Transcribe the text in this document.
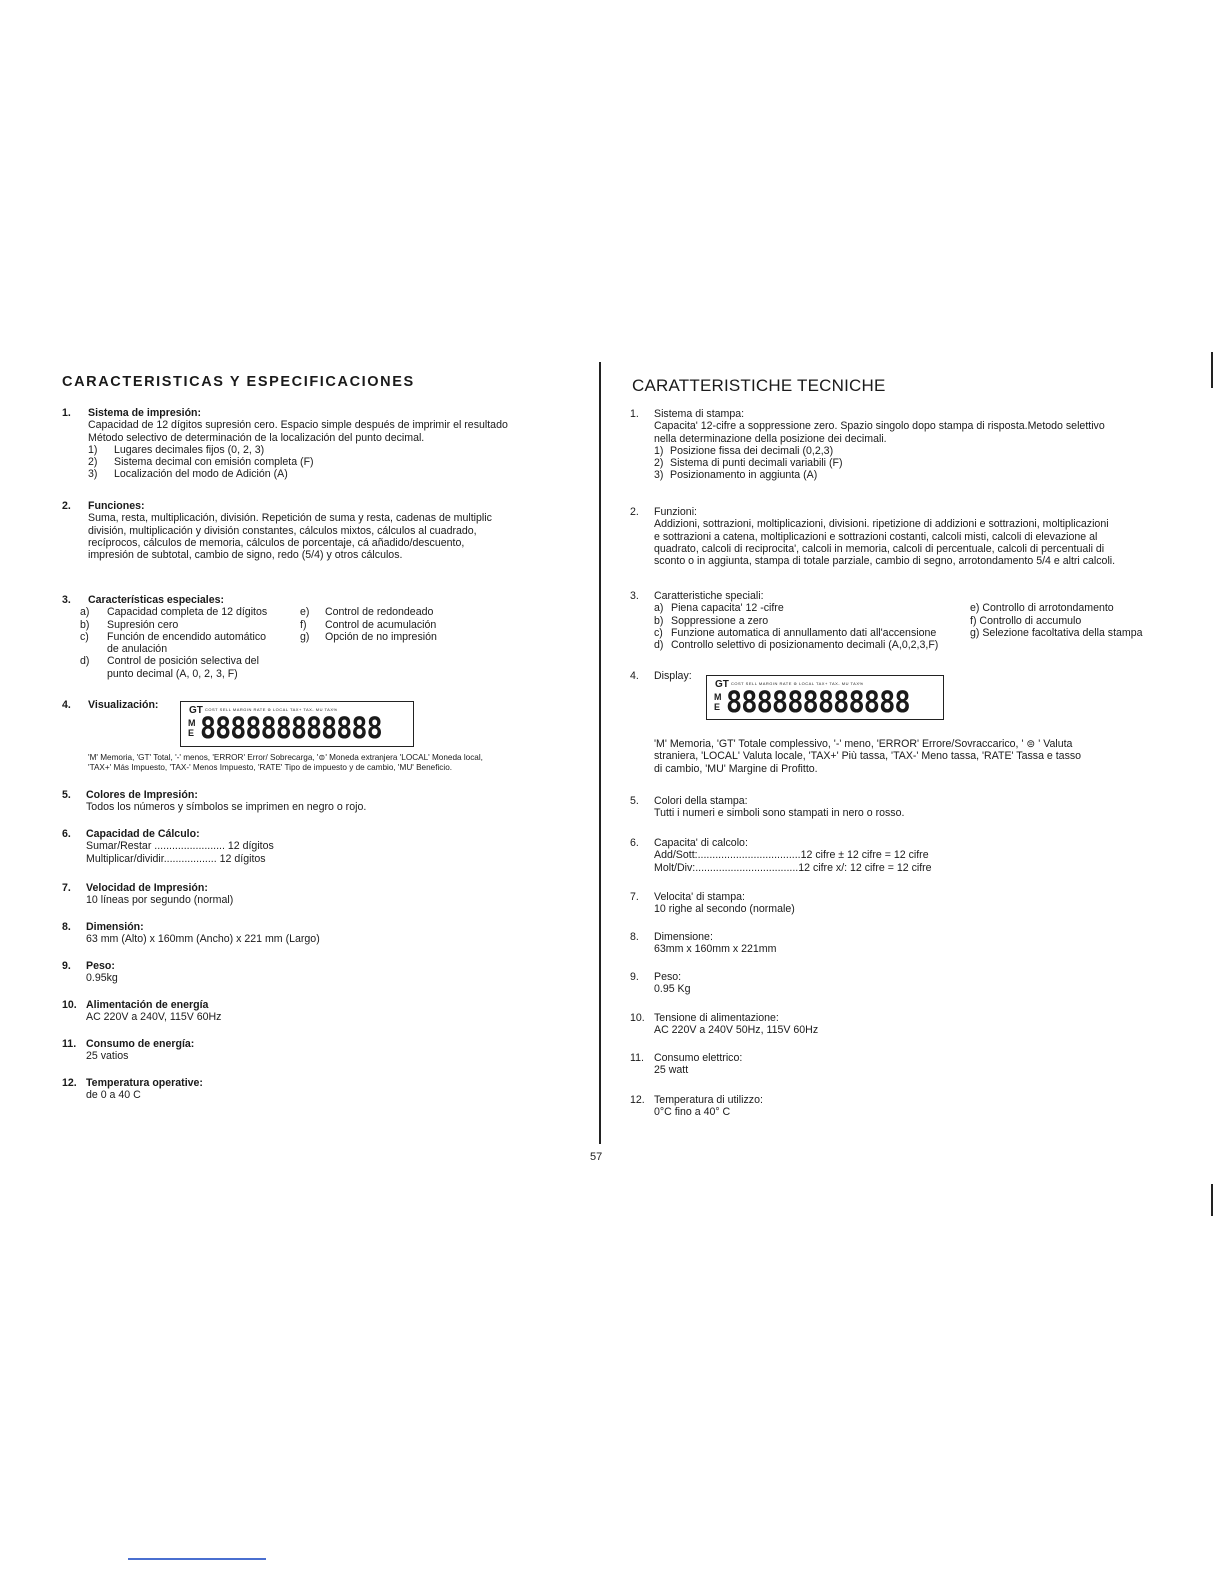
CARACTERISTICAS Y ESPECIFICACIONES
1. Sistema de impresión:
Capacidad de 12 dígitos supresión cero. Espacio simple después de imprimir el resultado
Método selectivo de determinación de la localización del punto decimal.
1) Lugares decimales fijos (0, 2, 3)
2) Sistema decimal con emisión completa (F)
3) Localización del modo de Adición (A)
2. Funciones:
Suma, resta, multiplicación, división. Repetición de suma y resta, cadenas de multiplic
división, multiplicación y división constantes, cálculos mixtos, cálculos al cuadrado,
recíprocos, cálculos de memoria, cálculos de porcentaje, cá añadido/descuento,
impresión de subtotal, cambio de signo, redo (5/4) y otros cálculos.
3. Características especiales:
a) Capacidad completa de 12 dígitos
b) Supresión cero
c) Función de encendido automático
de anulación
d) Control de posición selectiva del
punto decimal (A, 0, 2, 3, F)
e) Control de redondeado
f) Control de acumulación
g) Opción de no impresión
4. Visualización:	GT COST SELL MARGIN RATE ⊜ LOCAL TAX+ TAX- MU TAX%
M
E 888888888888
'M' Memoria, 'GT' Total, '-' menos, 'ERROR' Error/ Sobrecarga, '⊜' Moneda extranjera 'LOCAL' Moneda local,
'TAX+' Más Impuesto, 'TAX-' Menos Impuesto, 'RATE' Tipo de impuesto y de cambio, 'MU' Beneficio.
5. Colores de Impresión:
Todos los números y símbolos se imprimen en negro o rojo.
6. Capacidad de Cálculo:
Sumar/Restar ........................ 12 dígitos
Multiplicar/dividir.................. 12 dígitos
7. Velocidad de Impresión:
10 líneas por segundo (normal)
8. Dimensión:
63 mm (Alto) x 160mm (Ancho) x 221 mm (Largo)
9. Peso:
0.95kg
10. Alimentación de energía
AC 220V a 240V, 115V 60Hz
11. Consumo de energía:
25 vatios
12. Temperatura operative:
de 0 a 40 C
57
CARATTERISTICHE TECNICHE
1. Sistema di stampa:
Capacita' 12-cifre a soppressione zero. Spazio singolo dopo stampa di risposta.Metodo selettivo
nella determinazione della posizione dei decimali.
1) Posizione fissa dei decimali (0,2,3)
2) Sistema di punti decimali variabili (F)
3) Posizionamento in aggiunta (A)
2. Funzioni:
Addizioni, sottrazioni, moltiplicazioni, divisioni. ripetizione di addizioni e sottrazioni, moltiplicazioni
e sottrazioni a catena, moltiplicazioni e sottrazioni costanti, calcoli misti, calcoli di elevazione al
quadrato, calcoli di reciprocita', calcoli in memoria, calcoli di percentuale, calcoli di percentuali di
sconto o in aggiunta, stampa di totale parziale, cambio di segno, arrotondamento 5/4 e altri calcoli.
3. Caratteristiche speciali:
a) Piena capacita' 12 -cifre
b) Soppressione a zero
c) Funzione automatica di annullamento dati all'accensione
d) Controllo selettivo di posizionamento decimali (A,0,2,3,F)
e) Controllo di arrotondamento
f) Controllo di accumulo
g) Selezione facoltativa della stampa
4. Display:
GT COST SELL MARGIN RATE ⊜ LOCAL TAX+ TAX- MU TAX%
M
E 888888888888
'M' Memoria, 'GT' Totale complessivo, '-' meno, 'ERROR' Errore/Sovraccarico, ' ⊜ ' Valuta
straniera, 'LOCAL' Valuta locale, 'TAX+' Più tassa, 'TAX-' Meno tassa, 'RATE' Tassa e tasso
di cambio, 'MU' Margine di Profitto.
5. Colori della stampa:
Tutti i numeri e simboli sono stampati in nero o rosso.
6. Capacita' di calcolo:
Add/Sott:...................................12 cifre ± 12 cifre = 12 cifre
Molt/Div:...................................12 cifre x/: 12 cifre = 12 cifre
7. Velocita' di stampa:
10 righe al secondo (normale)
8. Dimensione:
63mm x 160mm x 221mm
9. Peso:
0.95 Kg
10. Tensione di alimentazione:
AC 220V a 240V 50Hz, 115V 60Hz
11. Consumo elettrico:
25 watt
12. Temperatura di utilizzo:
0°C fino a 40° C
